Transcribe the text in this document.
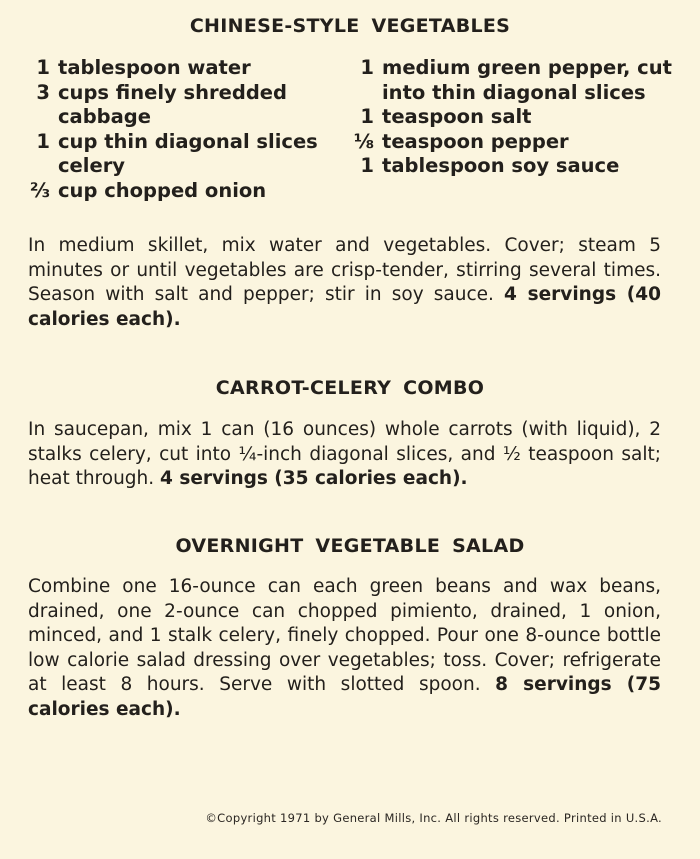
CHINESE-STYLE VEGETABLES
1 tablespoon water
3 cups finely shredded cabbage
1 cup thin diagonal slices celery
⅔ cup chopped onion
1 medium green pepper, cut into thin diagonal slices
1 teaspoon salt
⅛ teaspoon pepper
1 tablespoon soy sauce
In medium skillet, mix water and vegetables. Cover; steam 5 minutes or until vegetables are crisp-tender, stirring several times. Season with salt and pepper; stir in soy sauce. 4 servings (40 calories each).
CARROT-CELERY COMBO
In saucepan, mix 1 can (16 ounces) whole carrots (with liquid), 2 stalks celery, cut into ¼-inch diagonal slices, and ½ teaspoon salt; heat through. 4 servings (35 calories each).
OVERNIGHT VEGETABLE SALAD
Combine one 16-ounce can each green beans and wax beans, drained, one 2-ounce can chopped pimiento, drained, 1 onion, minced, and 1 stalk celery, finely chopped. Pour one 8-ounce bottle low calorie salad dressing over vegetables; toss. Cover; refrigerate at least 8 hours. Serve with slotted spoon. 8 servings (75 calories each).
©Copyright 1971 by General Mills, Inc. All rights reserved. Printed in U.S.A.
